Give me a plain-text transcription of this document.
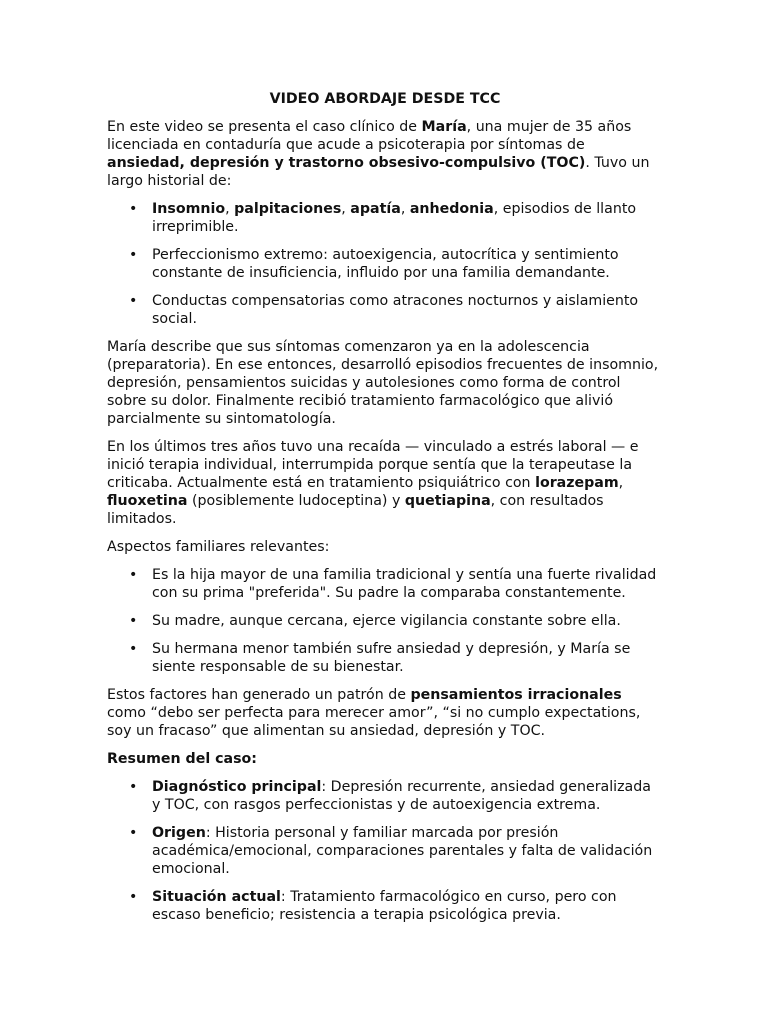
VIDEO ABORDAJE DESDE TCC

En este video se presenta el caso clínico de María, una mujer de 35 años licenciada en contaduría que acude a psicoterapia por síntomas de ansiedad, depresión y trastorno obsesivo-compulsivo (TOC). Tuvo un largo historial de:

• Insomnio, palpitaciones, apatía, anhedonia, episodios de llanto irreprimible.
• Perfeccionismo extremo: autoexigencia, autocrítica y sentimiento constante de insuficiencia, influido por una familia demandante.
• Conductas compensatorias como atracones nocturnos y aislamiento social.

María describe que sus síntomas comenzaron ya en la adolescencia (preparatoria). En ese entonces, desarrolló episodios frecuentes de insomnio, depresión, pensamientos suicidas y autolesiones como forma de control sobre su dolor. Finalmente recibió tratamiento farmacológico que alivió parcialmente su sintomatología.

En los últimos tres años tuvo una recaída — vinculado a estrés laboral — e inició terapia individual, interrumpida porque sentía que la terapeutase la criticaba. Actualmente está en tratamiento psiquiátrico con lorazepam, fluoxetina (posiblemente ludoceptina) y quetiapina, con resultados limitados.

Aspectos familiares relevantes:

• Es la hija mayor de una familia tradicional y sentía una fuerte rivalidad con su prima "preferida". Su padre la comparaba constantemente.
• Su madre, aunque cercana, ejerce vigilancia constante sobre ella.
• Su hermana menor también sufre ansiedad y depresión, y María se siente responsable de su bienestar.

Estos factores han generado un patrón de pensamientos irracionales como “debo ser perfecta para merecer amor”, “si no cumplo expectations, soy un fracaso” que alimentan su ansiedad, depresión y TOC.

Resumen del caso:

• Diagnóstico principal: Depresión recurrente, ansiedad generalizada y TOC, con rasgos perfeccionistas y de autoexigencia extrema.
• Origen: Historia personal y familiar marcada por presión académica/emocional, comparaciones parentales y falta de validación emocional.
• Situación actual: Tratamiento farmacológico en curso, pero con escaso beneficio; resistencia a terapia psicológica previa.
